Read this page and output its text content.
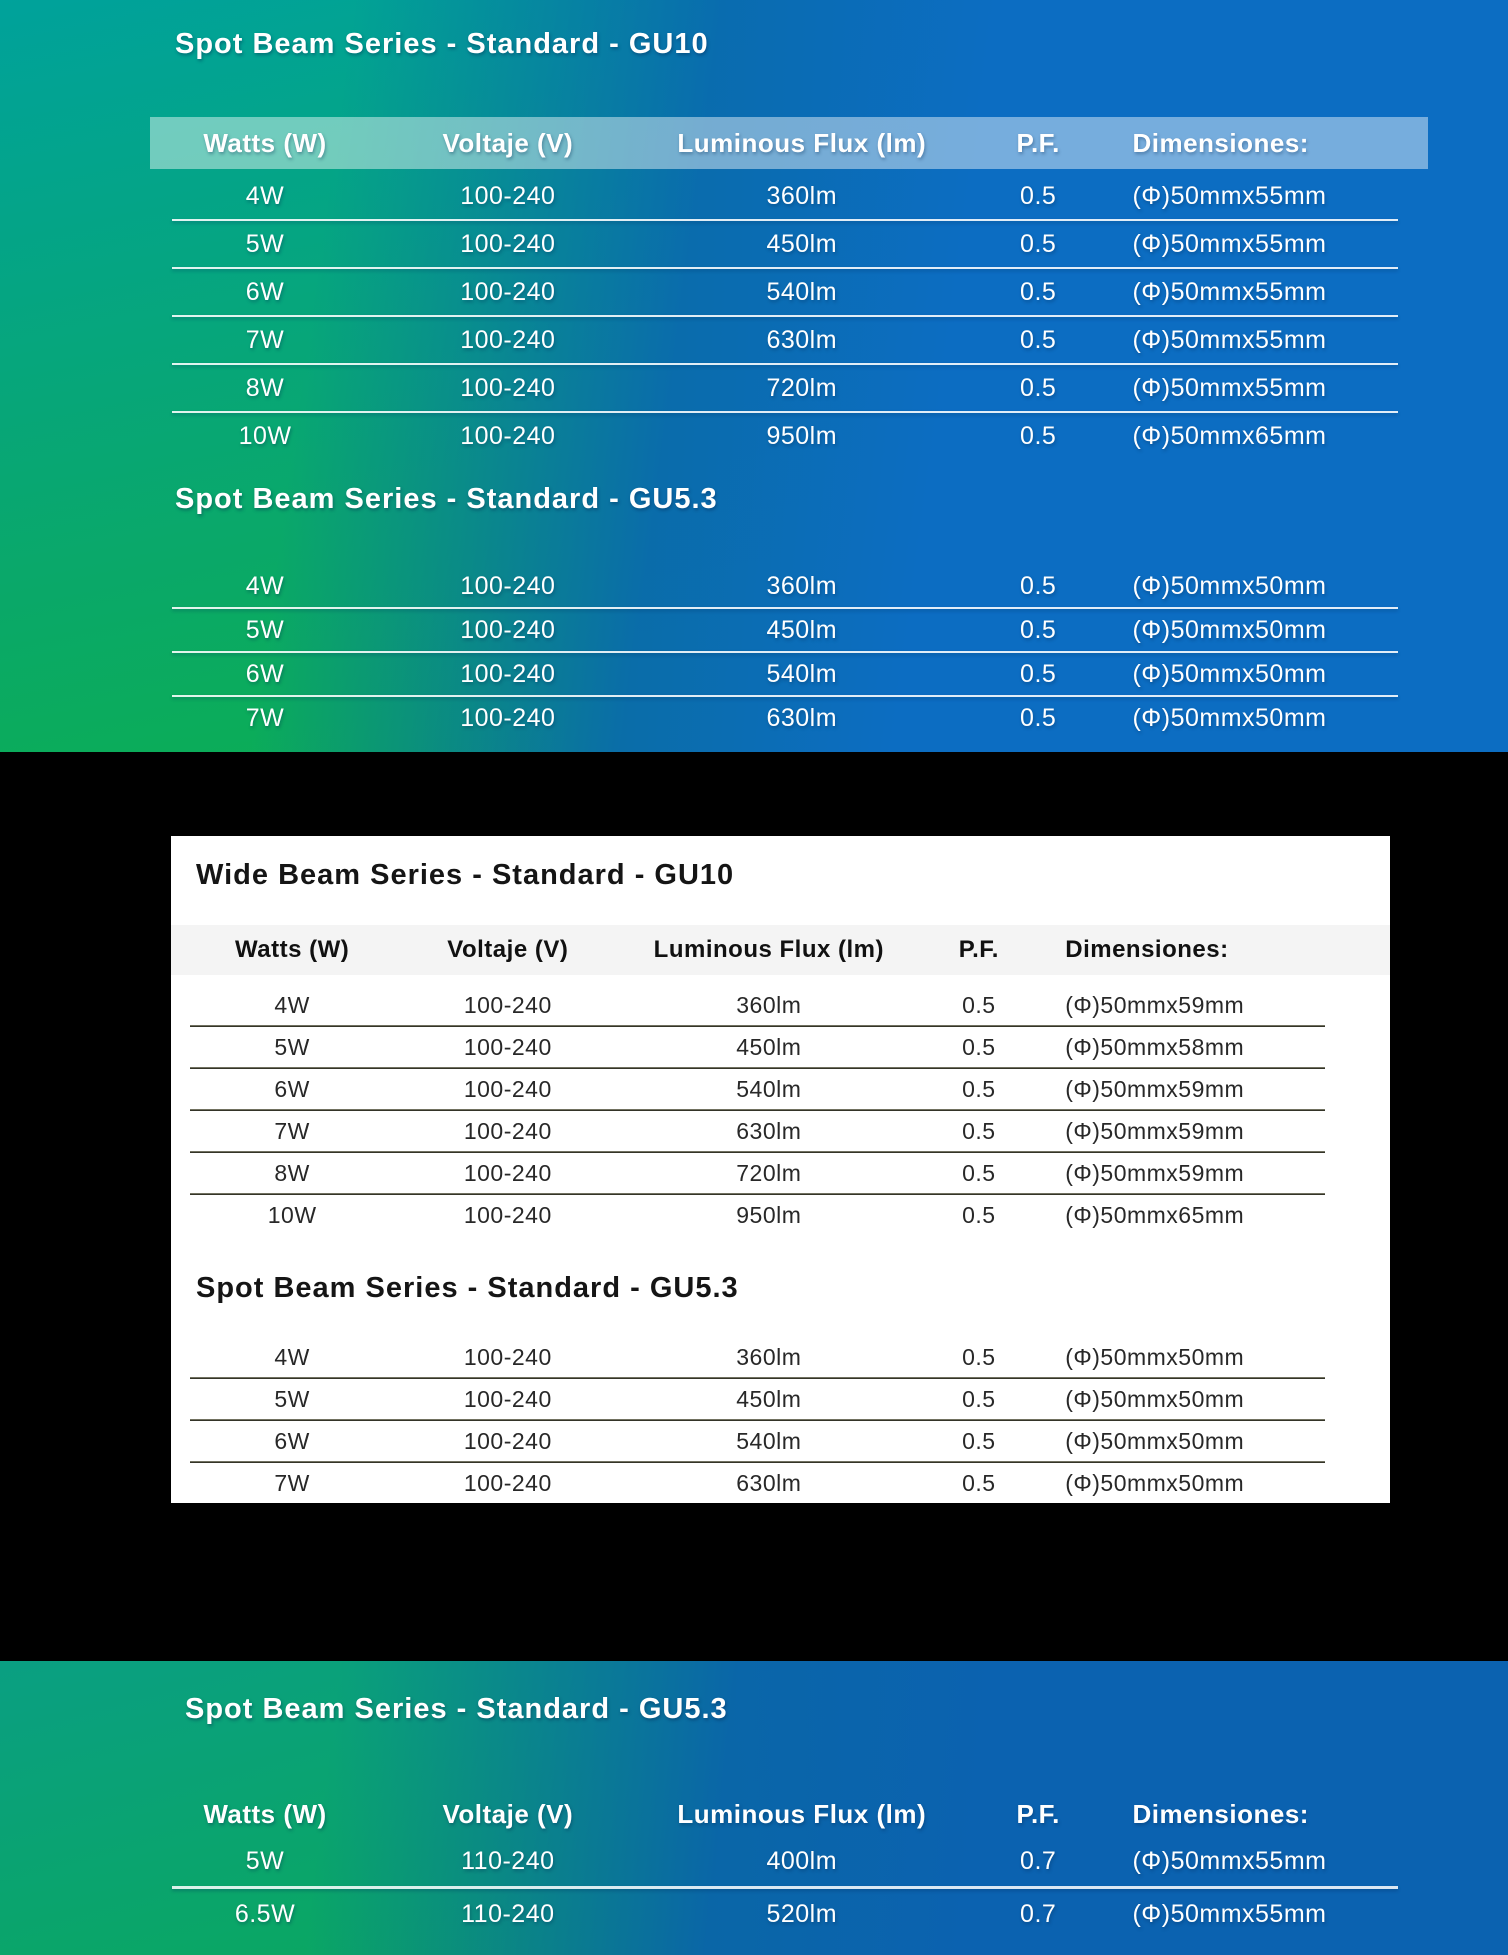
Spot Beam Series - Standard - GU10
Watts (W)	Voltaje (V)	Luminous Flux (lm)	P.F.	Dimensiones:
4W	100-240	360lm	0.5	(Φ)50mmx55mm
5W	100-240	450lm	0.5	(Φ)50mmx55mm
6W	100-240	540lm	0.5	(Φ)50mmx55mm
7W	100-240	630lm	0.5	(Φ)50mmx55mm
8W	100-240	720lm	0.5	(Φ)50mmx55mm
10W	100-240	950lm	0.5	(Φ)50mmx65mm
Spot Beam Series - Standard - GU5.3
4W	100-240	360lm	0.5	(Φ)50mmx50mm
5W	100-240	450lm	0.5	(Φ)50mmx50mm
6W	100-240	540lm	0.5	(Φ)50mmx50mm
7W	100-240	630lm	0.5	(Φ)50mmx50mm
Wide Beam Series - Standard - GU10
Watts (W)	Voltaje (V)	Luminous Flux (lm)	P.F.	Dimensiones:
4W	100-240	360lm	0.5	(Φ)50mmx59mm
5W	100-240	450lm	0.5	(Φ)50mmx58mm
6W	100-240	540lm	0.5	(Φ)50mmx59mm
7W	100-240	630lm	0.5	(Φ)50mmx59mm
8W	100-240	720lm	0.5	(Φ)50mmx59mm
10W	100-240	950lm	0.5	(Φ)50mmx65mm
Spot Beam Series - Standard - GU5.3
4W	100-240	360lm	0.5	(Φ)50mmx50mm
5W	100-240	450lm	0.5	(Φ)50mmx50mm
6W	100-240	540lm	0.5	(Φ)50mmx50mm
7W	100-240	630lm	0.5	(Φ)50mmx50mm
Spot Beam Series - Standard - GU5.3
Watts (W)	Voltaje (V)	Luminous Flux (lm)	P.F.	Dimensiones:
5W	110-240	400lm	0.7	(Φ)50mmx55mm
6.5W	110-240	520lm	0.7	(Φ)50mmx55mm
